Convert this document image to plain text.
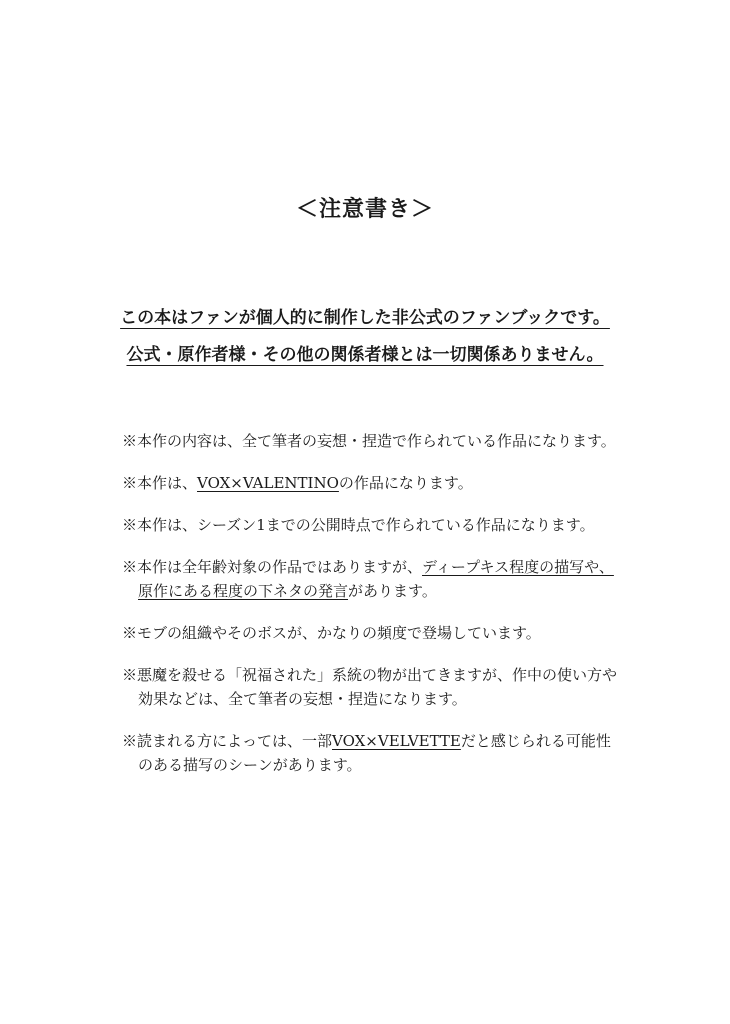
＜注意書き＞
この本はファンが個人的に制作した非公式のファンブックです。
公式・原作者様・その他の関係者様とは一切関係ありません。
※本作の内容は、全て筆者の妄想・捏造で作られている作品になります。
※本作は、VOX×VALENTINOの作品になります。
※本作は、シーズン1までの公開時点で作られている作品になります。
※本作は全年齢対象の作品ではありますが、ディープキス程度の描写や、
原作にある程度の下ネタの発言があります。
※モブの組織やそのボスが、かなりの頻度で登場しています。
※悪魔を殺せる「祝福された」系統の物が出てきますが、作中の使い方や
効果などは、全て筆者の妄想・捏造になります。
※読まれる方によっては、一部VOX×VELVETTEだと感じられる可能性
のある描写のシーンがあります。
